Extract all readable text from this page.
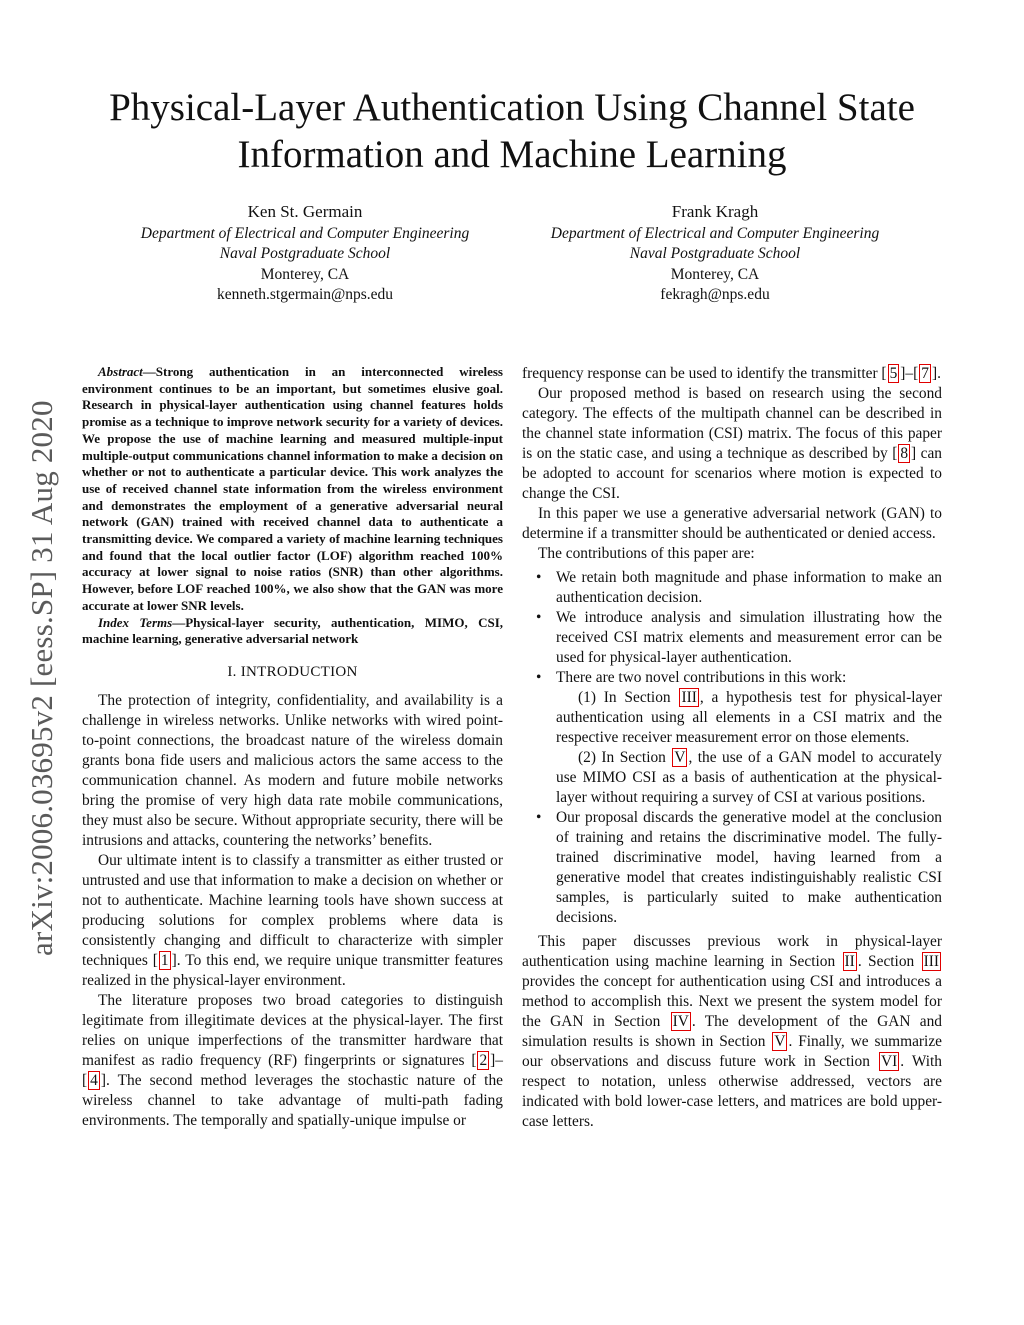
Physical-Layer Authentication Using Channel State
Information and Machine Learning
Ken St. Germain
Department of Electrical and Computer Engineering
Naval Postgraduate School
Monterey, CA
kenneth.stgermain@nps.edu
Frank Kragh
Department of Electrical and Computer Engineering
Naval Postgraduate School
Monterey, CA
fekragh@nps.edu
arXiv:2006.03695v2 [eess.SP] 31 Aug 2020

Abstract—Strong authentication in an interconnected wireless environment continues to be an important, but sometimes elusive goal. Research in physical-layer authentication using channel features holds promise as a technique to improve network security for a variety of devices. We propose the use of machine learning and measured multiple-input multiple-output communications channel information to make a decision on whether or not to authenticate a particular device. This work analyzes the use of received channel state information from the wireless environment and demonstrates the employment of a generative adversarial neural network (GAN) trained with received channel data to authenticate a transmitting device. We compared a variety of machine learning techniques and found that the local outlier factor (LOF) algorithm reached 100% accuracy at lower signal to noise ratios (SNR) than other algorithms. However, before LOF reached 100%, we also show that the GAN was more accurate at lower SNR levels.

Index Terms—Physical-layer security, authentication, MIMO, CSI, machine learning, generative adversarial network

I. INTRODUCTION

The protection of integrity, confidentiality, and availability is a challenge in wireless networks. Unlike networks with wired point-to-point connections, the broadcast nature of the wireless domain grants bona fide users and malicious actors the same access to the communication channel. As modern and future mobile networks bring the promise of very high data rate mobile communications, they must also be secure. Without appropriate security, there will be intrusions and attacks, countering the networks’ benefits.

Our ultimate intent is to classify a transmitter as either trusted or untrusted and use that information to make a decision on whether or not to authenticate. Machine learning tools have shown success at producing solutions for complex problems where data is consistently changing and difficult to characterize with simpler techniques [ 1 ]. To this end, we require unique transmitter features realized in the physical-layer environment.

The literature proposes two broad categories to distinguish legitimate from illegitimate devices at the physical-layer. The first relies on unique imperfections of the transmitter hardware that manifest as radio frequency (RF) fingerprints or signatures [ 2 ]–[ 4 ]. The second method leverages the stochastic nature of the wireless channel to take advantage of multi-path fading environments. The temporally and spatially-unique impulse or

frequency response can be used to identify the transmitter [ 5 ]–[ 7 ].

Our proposed method is based on research using the second category. The effects of the multipath channel can be described in the channel state information (CSI) matrix. The focus of this paper is on the static case, and using a technique as described by [ 8 ] can be adopted to account for scenarios where motion is expected to change the CSI.

In this paper we use a generative adversarial network (GAN) to determine if a transmitter should be authenticated or denied access.

The contributions of this paper are:

• We retain both magnitude and phase information to make an authentication decision.
• We introduce analysis and simulation illustrating how the received CSI matrix elements and measurement error can be used for physical-layer authentication.
• There are two novel contributions in this work:

(1) In Section III , a hypothesis test for physical-layer authentication using all elements in a CSI matrix and the respective receiver measurement error on those elements.

(2) In Section V , the use of a GAN model to accurately use MIMO CSI as a basis of authentication at the physical-layer without requiring a survey of CSI at various positions.

• Our proposal discards the generative model at the conclusion of training and retains the discriminative model. The fully-trained discriminative model, having learned from a generative model that creates indistinguishably realistic CSI samples, is particularly suited to make authentication decisions.

This paper discusses previous work in physical-layer authentication using machine learning in Section II . Section III provides the concept for authentication using CSI and introduces a method to accomplish this. Next we present the system model for the GAN in Section IV . The development of the GAN and simulation results is shown in Section V . Finally, we summarize our observations and discuss future work in Section VI . With respect to notation, unless otherwise addressed, vectors are indicated with bold lower-case letters, and matrices are bold upper-case letters.
